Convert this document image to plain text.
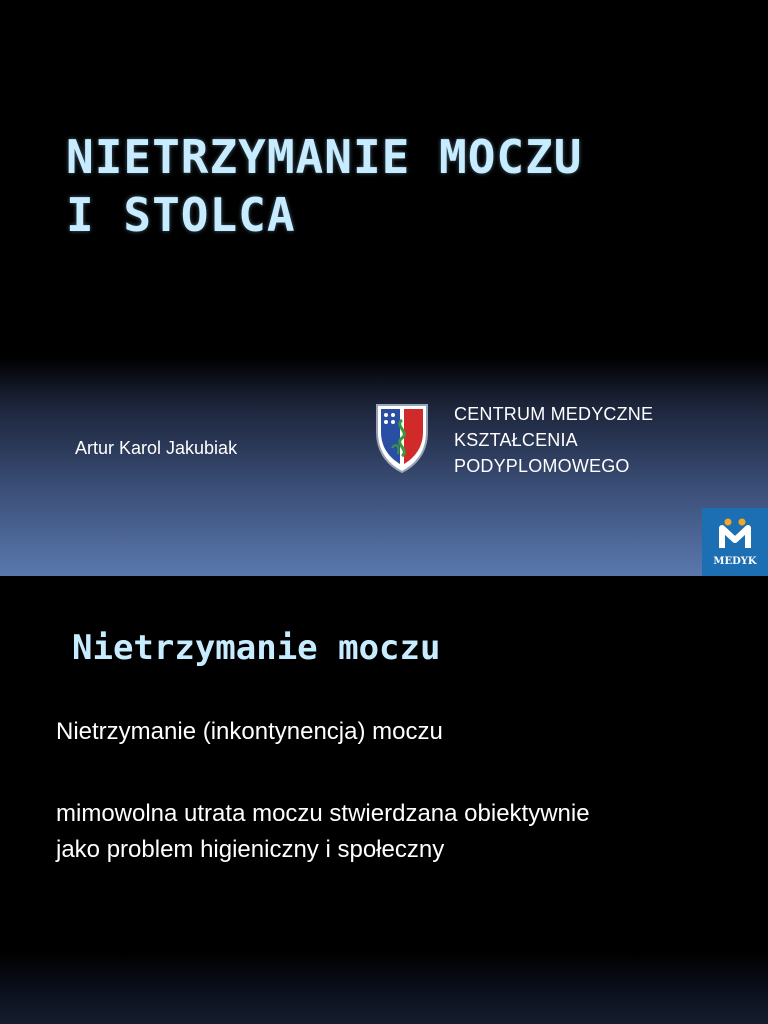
NIETRZYMANIE MOCZU
I STOLCA
Artur Karol Jakubiak
CENTRUM MEDYCZNE
KSZTAŁCENIA
PODYPLOMOWEGO
MEDYK
Nietrzymanie moczu
Nietrzymanie (inkontynencja) moczu
mimowolna utrata moczu stwierdzana obiektywnie
jako problem higieniczny i społeczny
